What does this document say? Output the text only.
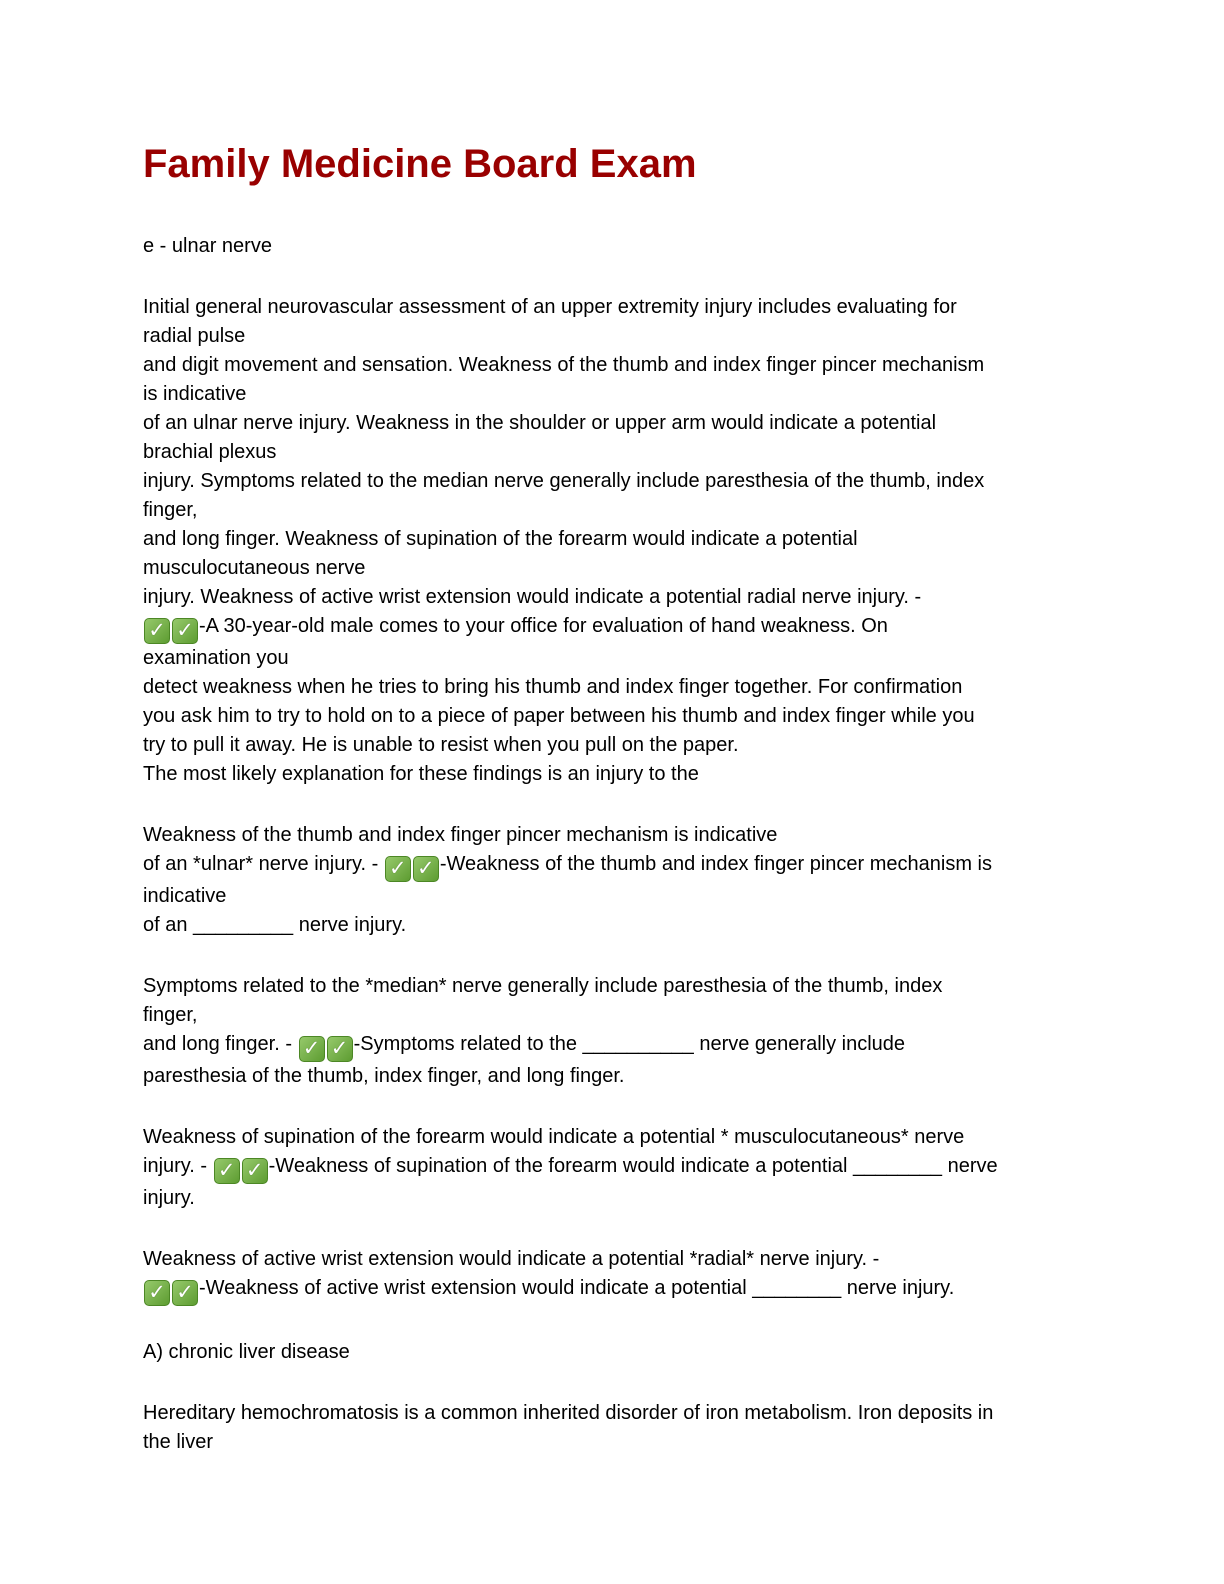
Family Medicine Board Exam

e - ulnar nerve

Initial general neurovascular assessment of an upper extremity injury includes evaluating for
radial pulse
and digit movement and sensation. Weakness of the thumb and index finger pincer mechanism
is indicative
of an ulnar nerve injury. Weakness in the shoulder or upper arm would indicate a potential
brachial plexus
injury. Symptoms related to the median nerve generally include paresthesia of the thumb, index
finger,
and long finger. Weakness of supination of the forearm would indicate a potential
musculocutaneous nerve
injury. Weakness of active wrist extension would indicate a potential radial nerve injury. -
✓ ✓ -A 30-year-old male comes to your office for evaluation of hand weakness. On
examination you
detect weakness when he tries to bring his thumb and index finger together. For confirmation
you ask him to try to hold on to a piece of paper between his thumb and index finger while you
try to pull it away. He is unable to resist when you pull on the paper.
The most likely explanation for these findings is an injury to the

Weakness of the thumb and index finger pincer mechanism is indicative
of an *ulnar* nerve injury. - ✓ ✓ -Weakness of the thumb and index finger pincer mechanism is
indicative
of an _________ nerve injury.

Symptoms related to the *median* nerve generally include paresthesia of the thumb, index
finger,
and long finger. - ✓ ✓ -Symptoms related to the __________ nerve generally include
paresthesia of the thumb, index finger, and long finger.

Weakness of supination of the forearm would indicate a potential * musculocutaneous* nerve
injury. - ✓ ✓ -Weakness of supination of the forearm would indicate a potential ________ nerve
injury.

Weakness of active wrist extension would indicate a potential *radial* nerve injury. -
✓ ✓ -Weakness of active wrist extension would indicate a potential ________ nerve injury.

A) chronic liver disease

Hereditary hemochromatosis is a common inherited disorder of iron metabolism. Iron deposits in
the liver
